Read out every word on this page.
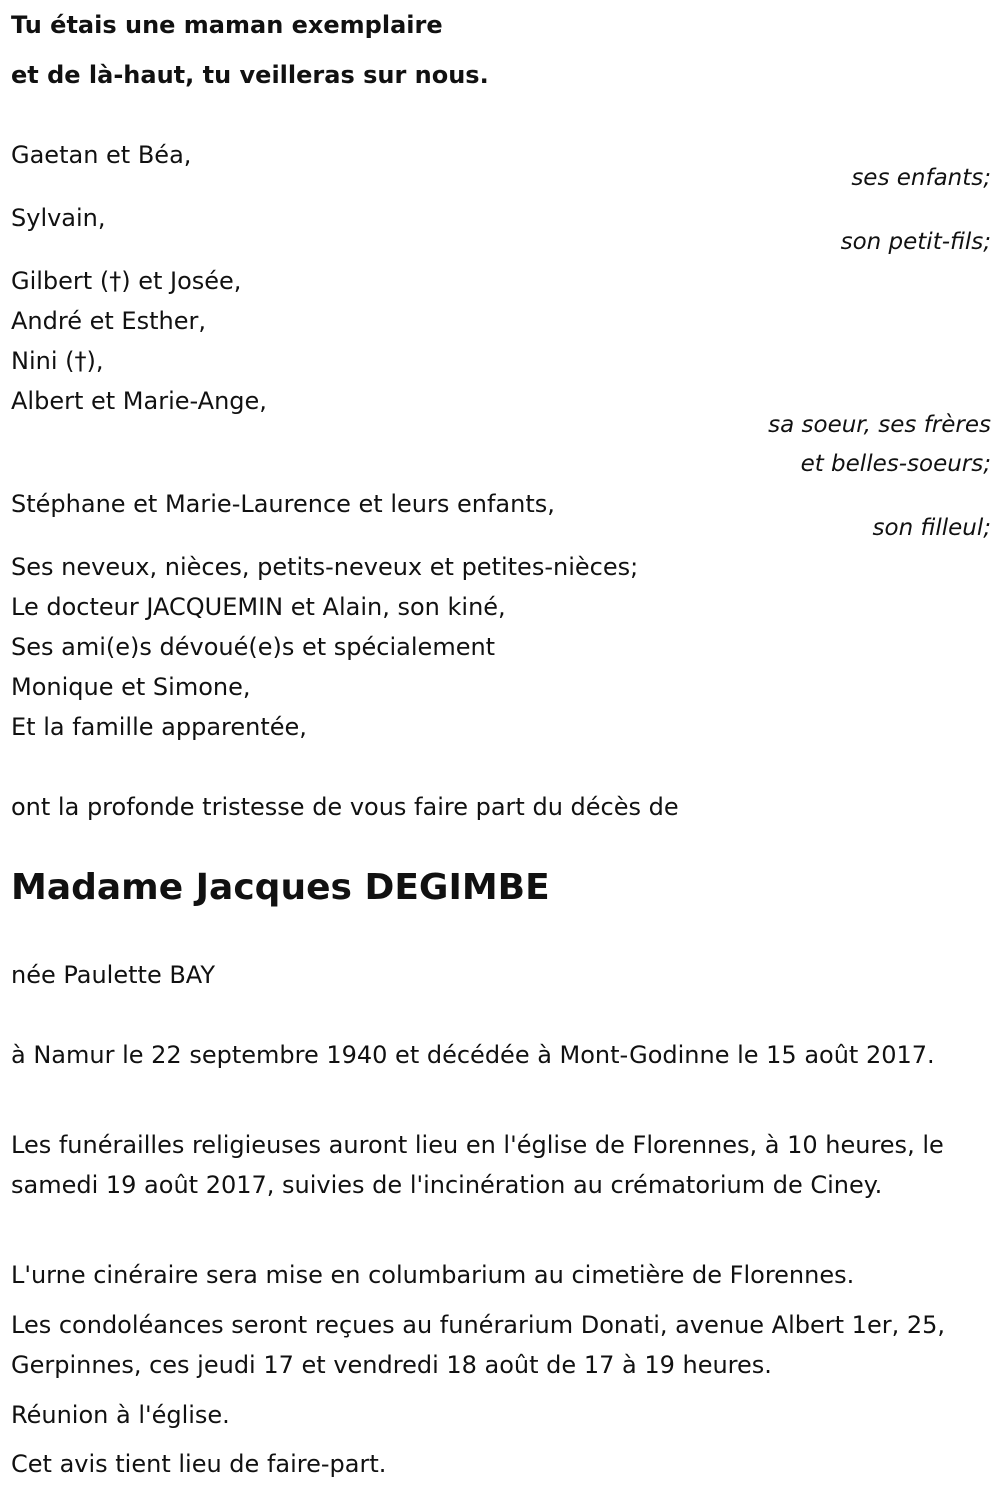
Tu étais une maman exemplaire
et de là-haut, tu veilleras sur nous.
Gaetan et Béa,
ses enfants;
Sylvain,
son petit-fils;
Gilbert (†) et Josée,
André et Esther,
Nini (†),
Albert et Marie-Ange,
sa soeur, ses frères
et belles-soeurs;
Stéphane et Marie-Laurence et leurs enfants,
son filleul;
Ses neveux, nièces, petits-neveux et petites-nièces;
Le docteur JACQUEMIN et Alain, son kiné,
Ses ami(e)s dévoué(e)s et spécialement
Monique et Simone,
Et la famille apparentée,
ont la profonde tristesse de vous faire part du décès de
Madame Jacques DEGIMBE
née Paulette BAY
à Namur le 22 septembre 1940 et décédée à Mont-Godinne le 15 août 2017.
Les funérailles religieuses auront lieu en l'église de Florennes, à 10 heures, le samedi 19 août 2017, suivies de l'incinération au crématorium de Ciney.
L'urne cinéraire sera mise en columbarium au cimetière de Florennes.
Les condoléances seront reçues au funérarium Donati, avenue Albert 1er, 25, Gerpinnes, ces jeudi 17 et vendredi 18 août de 17 à 19 heures.
Réunion à l'église.
Cet avis tient lieu de faire-part.
